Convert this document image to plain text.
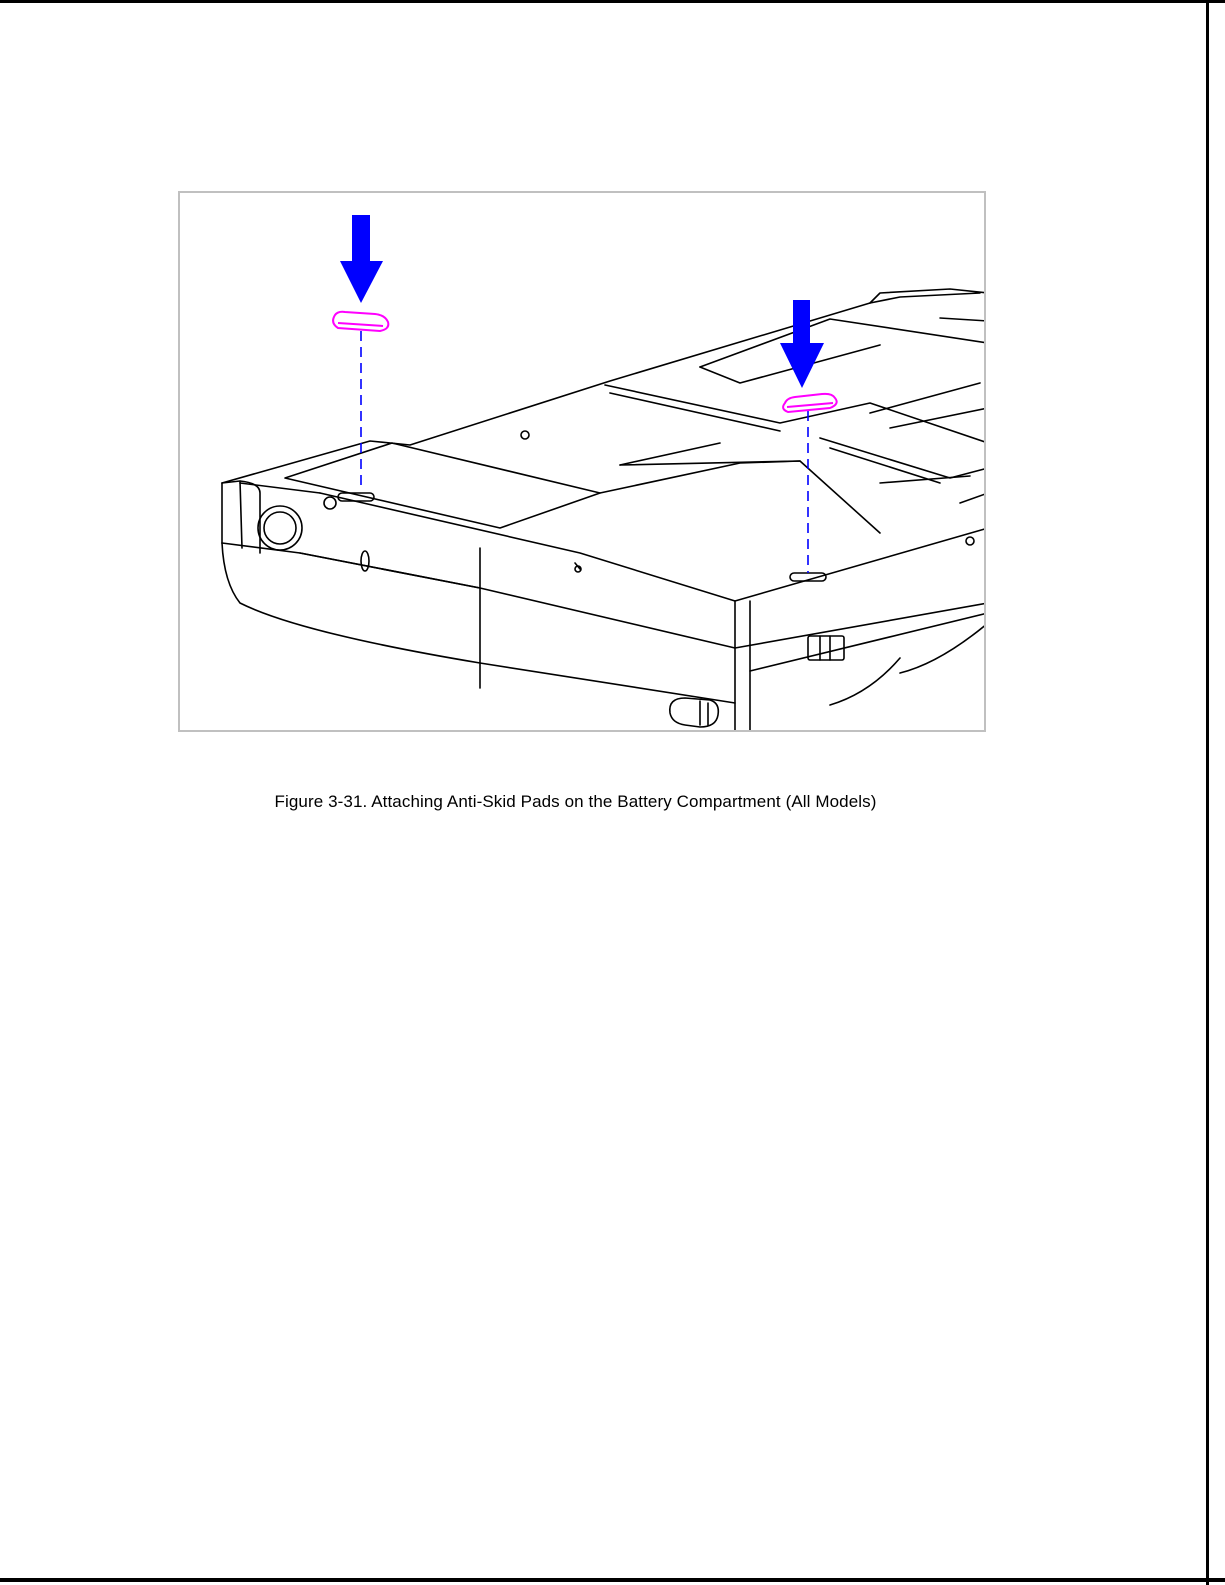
Figure 3-31. Attaching Anti-Skid Pads on the Battery Compartment (All Models)
